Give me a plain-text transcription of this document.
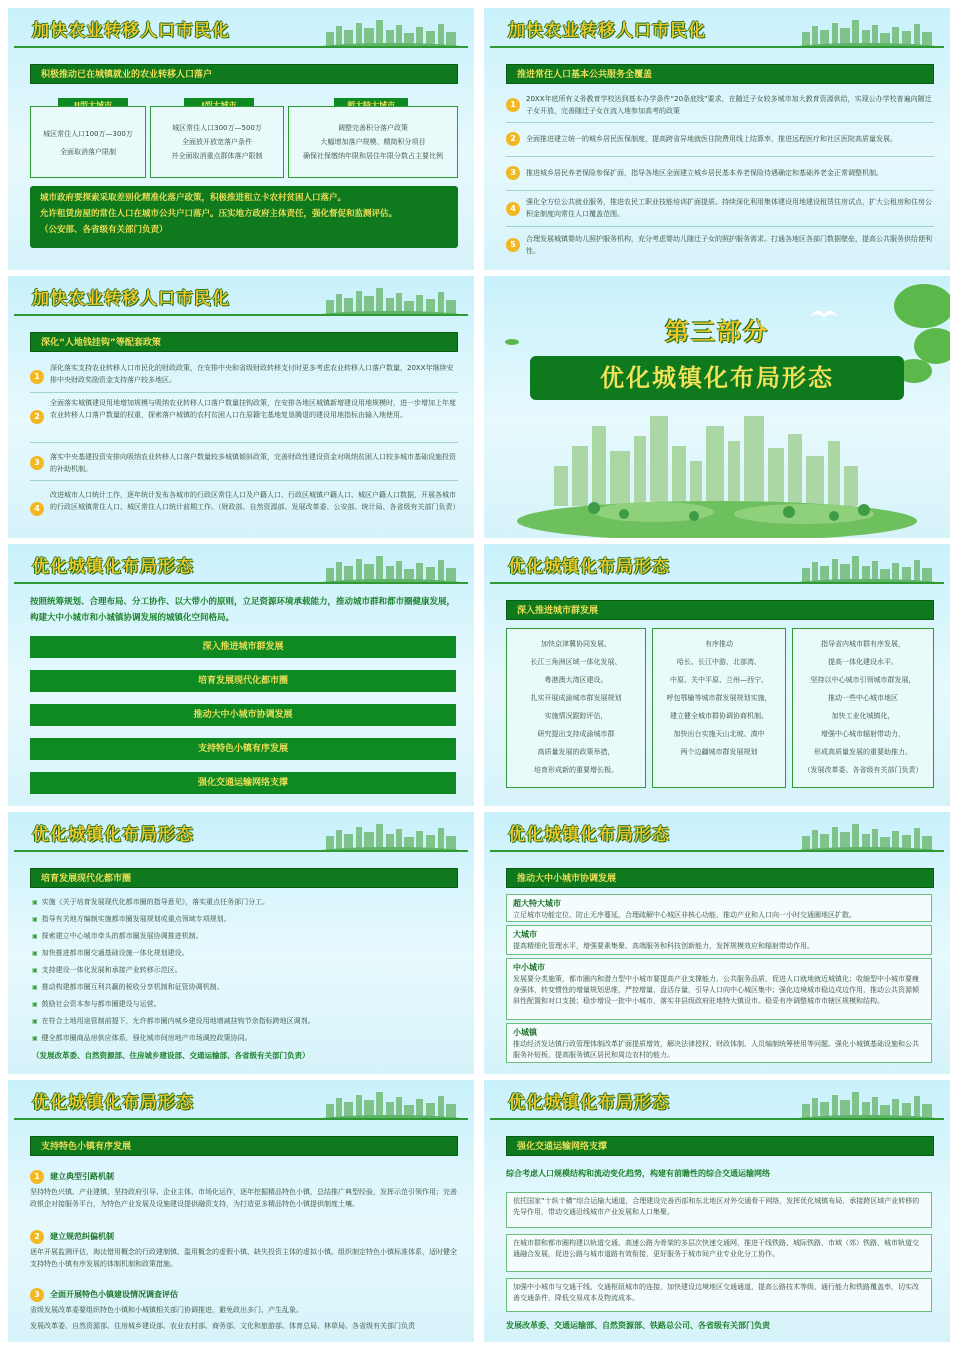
加快农业转移人口市民化
积极推动已在城镇就业的农业转移人口落户
城区常住人口100万—300万
全面取消落户限制
城区常住人口300万—500万
全面放开放宽落户条件
并全面取消重点群体落户限制
调整完善积分落户政策
大幅增加落户规模、精简积分项目
确保社保缴纳年限和居住年限分数占主要比例
城市政府要探索采取差别化精准化落户政策，积极推进租立卡农村贫困人口落户。
允许租赁房屋的常住人口在城市公共户口落户。压实地方政府主体责任，强化督促和监测评估。
（公安部、各省级有关部门负责）
加快农业转移人口市民化
推进常住人口基本公共服务全覆盖
1
20XX年底所有义务教育学校达到基本办学条件“20条底线”要求，在随迁子女较多城市加大教育资源供给，实现公办学校普遍向随迁子女开放，完善随迁子女在流入地参加高考的政策
2	全面推进建立统一的城乡居民医保制度，提高跨省异地就医住院费用线上结算率，推进远程医疗和社区医院高质量发展。
3	推进城乡居民养老保险参保扩面，指导各地区全面建立城乡居民基本养老保险待遇确定和基础养老金正常调整机制。
4
强化全方位公共就业服务，推进农民工职业技能培训扩面提质。持续深化利用集体建设用地建设租赁住房试点，扩大公租房和住房公积金制度向常住人口覆盖范围。
5
合理发展城镇婴幼儿照护服务机构，充分考虑婴幼儿随迁子女的照护服务需求。打通各地区各部门数据壁垒，提高公共服务供给便利性。
加快农业转移人口市民化
深化“人地钱挂钩”等配套政策
1
深化落实支持农业转移人口市民化的财政政策，在安排中央和省级财政转移支付时更多考虑农业转移人口落户数量，20XX年继续安排中央财政奖励资金支持落户较多地区。
2
全面落实城镇建设用地增加规模与吸纳农业转移人口落户数量挂钩政策，在安排各地区城镇新增建设用地规模时，进一步增加上年度农业转移人口落户数量的权重，探索落户城镇的农村贫困人口在原籍宅基地复垦腾退的建设用地指标由输入地使用。
3
落实中央基建投资安排向吸纳农业转移人口落户数量较多城镇倾斜政策，完善财政性建设资金对吸纳贫困人口较多城市基础设施投资的补助机制。
4
改进城市人口统计工作，逐年统计发布各城市的行政区常住人口及户籍人口、行政区城镇户籍人口、城区户籍人口数据，开展各城市的行政区城镇常住人口、城区常住人口统计前期工作。（财政部、自然资源部、发展改革委、公安部、统计局、各省级有关部门负责）
第三部分
优化城镇化布局形态
优化城镇化布局形态
按照统筹规划、合理布局、分工协作、以大带小的原则，立足资源环境承载能力，推动城市群和都市圈健康发展，构建大中小城市和小城镇协调发展的城镇化空间格局。
深入推进城市群发展
培育发展现代化都市圈
推动大中小城市协调发展
支持特色小镇有序发展
强化交通运输网络支撑
优化城镇化布局形态
深入推进城市群发展
加快京津冀协同发展、
长江三角洲区域一体化发展、
粤港澳大湾区建设。
扎实开展成渝城市群发展规划
实施情况跟踪评估，
研究提出支持成渝城市群
高质量发展的政策举措，
培育形成新的重要增长极。
有序推动
哈长、长江中游、北部湾、
中原、关中平原、兰州—西宁、
呼包鄂榆等城市群发展规划实施，
建立健全城市群协调协商机制。
加快出台实施天山北坡、滇中
两个边疆城市群发展规划
指导省内城市群有序发展，
提高一体化建设水平。
坚持以中心城市引领城市群发展，
推动一些中心城市地区
加快工业化城镇化，
增强中心城市辐射带动力，
形成高质量发展的重要助推力。
（发展改革委、各省级有关部门负责）
优化城镇化布局形态
培育发展现代化都市圈
▣ 实施《关于培育发展现代化都市圈的指导意见》，落实重点任务部门分工。
▣ 指导有关地方编制实施都市圈发展规划或重点领域专项规划。
▣ 探索建立中心城市牵头的都市圈发展协调推进机制。
▣ 加快推进都市圈交通基础设施一体化规划建设。
▣ 支持建设一体化发展和承接产业转移示范区。
▣ 推动构建都市圈互利共赢的税收分享机制和征管协调机制。
▣ 鼓励社会资本参与都市圈建设与运营。
▣ 在符合土地用途管制前提下，允许都市圈内城乡建设用地增减挂钩节余指标跨地区调剂。
▣ 健全都市圈商品房供应体系，强化城市间房地产市场调控政策协同。
（发展改革委、自然资源部、住房城乡建设部、交通运输部、各省级有关部门负责）
优化城镇化布局形态
推动大中小城市协调发展
超大特大城市
立足城市功能定位、防止无序蔓延，合理疏解中心城区非核心功能，推动产业和人口向一小时交通圈地区扩散。
大城市
提高精细化管理水平，增强要素集聚、高端服务和科技创新能力，发挥规模效应和辐射带动作用。
中小城市
发展要分类施策，都市圈内和潜力型中小城市要提高产业支撑能力、公共服务品质，促进人口就地就近城镇化；收缩型中小城市要瘦身强体，转变惯性的增量规划思维，严控增量、盘活存量，引导人口向中心城区集中；强化边境城市稳边戍边作用，推动公共资源倾斜性配置和对口支援；稳步增设一批中小城市，落实非县级政府驻地特大镇设市。稳妥有序调整城市市辖区规模和结构。
小城镇
推动经济发达镇行政管理体制改革扩面提质增效，解决法律授权、财政体制、人员编制统筹使用等问题。强化小城镇基础设施和公共服务补短板，提高服务镇区居民和周边农村的能力。
优化城镇化布局形态
支持特色小镇有序发展
1	建立典型引路机制
坚持特色兴镇、产业建镇，坚持政府引导、企业主体、市场化运作，逐年挖掘精品特色小镇，总结推广典型经验，发挥示范引领作用；完善政银企对接服务平台，为特色产业发展及设施建设提供融资支持，为打造更多精品特色小镇提供制度土壤。
2	建立规范纠偏机制
逐年开展监测评估，淘汰错用概念的行政建制镇、滥用概念的虚假小镇、缺失投资主体的虚拟小镇。组织制定特色小镇标准体系，适时健全支持特色小镇有序发展的体制机制和政策措施。
3	全面开展特色小镇建设情况调查评估
省级发展改革委要组织特色小镇和小城镇相关部门协调推进，避免政出多门、产生乱象。
发展改革委、自然资源部、住房城乡建设部、农业农村部、商务部、文化和旅游部、体育总局、林草局、各省级有关部门负责
优化城镇化布局形态
强化交通运输网络支撑
综合考虑人口规模结构和流动变化趋势，构建有前瞻性的综合交通运输网络
依托国家“十纵十横”综合运输大通道，合理建设完善西部和东北地区对外交通骨干网络，发挥优化城镇布局、承接跨区域产业转移的先导作用，带动交通沿线城市产业发展和人口集聚。
在城市群和都市圈构建以轨道交通、高速公路为骨架的多层次快速交通网，推进干线铁路、城际铁路、市域（郊）铁路、城市轨道交通融合发展，促进公路与城市道路有效衔接，更好服务于城市间产业专业化分工协作。
加强中小城市与交通干线、交通枢纽城市的连接，加快建设边境地区交通通道，提高公路技术等级、通行能力和铁路覆盖率，切实改善交通条件，降低交易成本及物流成本。
发展改革委、交通运输部、自然资源部、铁路总公司、各省级有关部门负责
